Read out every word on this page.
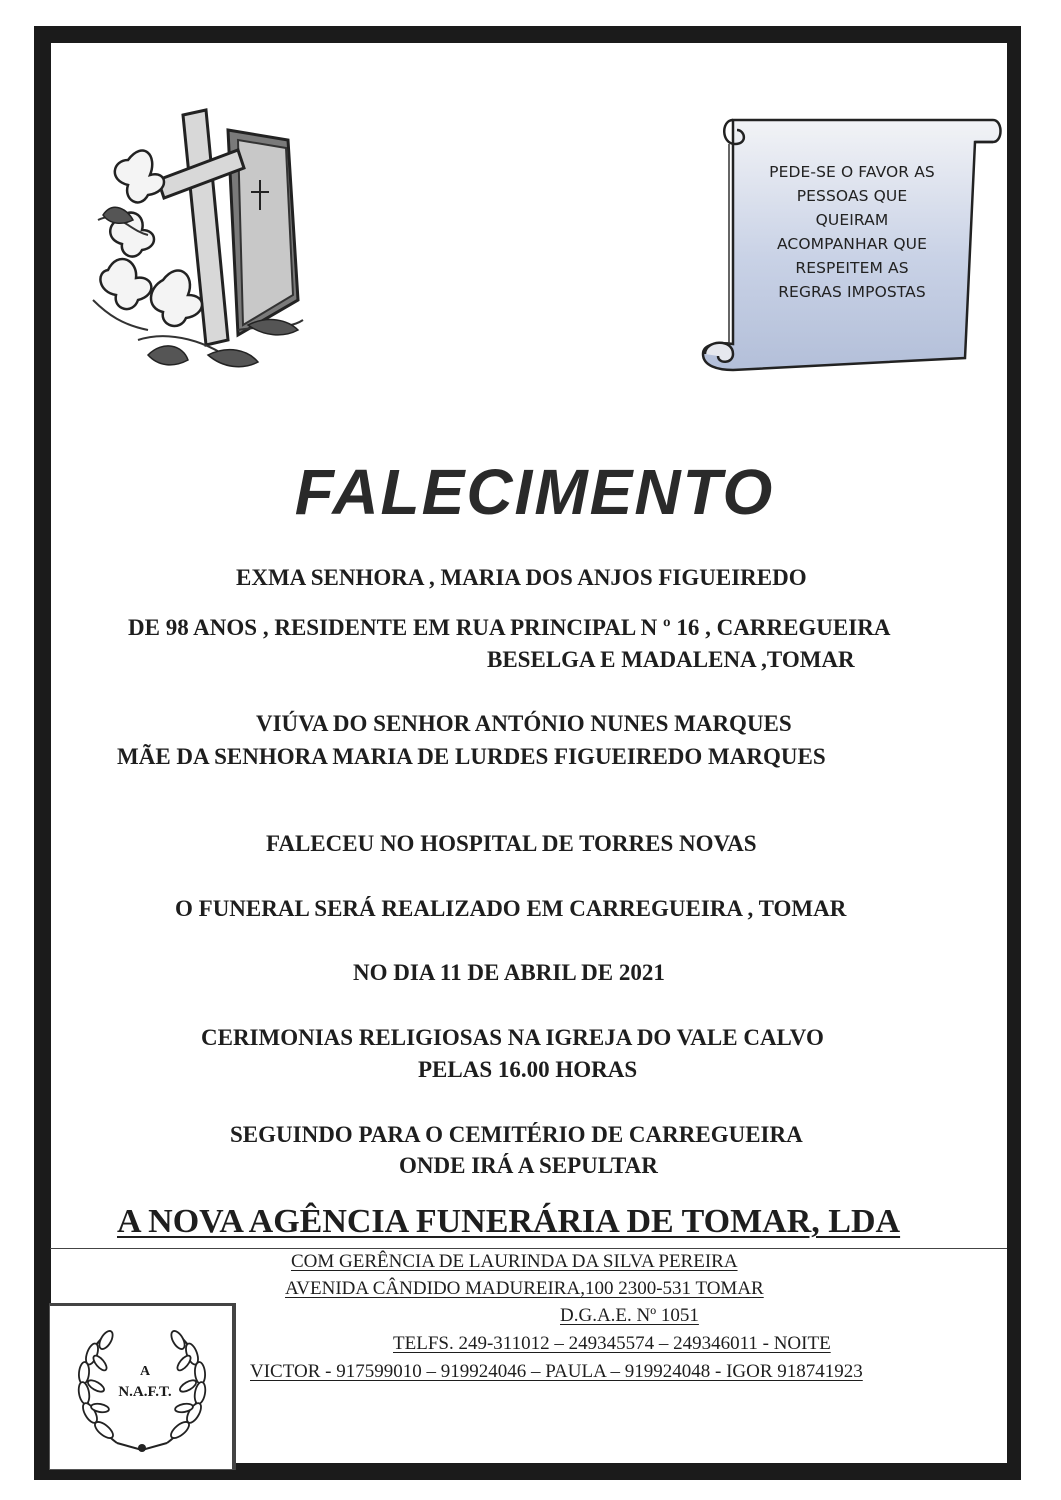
PEDE-SE O FAVOR AS
PESSOAS QUE
QUEIRAM
ACOMPANHAR QUE
RESPEITEM AS
REGRAS IMPOSTAS
FALECIMENTO
EXMA SENHORA , MARIA DOS ANJOS FIGUEIREDO
DE 98 ANOS , RESIDENTE EM RUA PRINCIPAL N º 16 , CARREGUEIRA
BESELGA E MADALENA ,TOMAR
VIÚVA DO SENHOR ANTÓNIO NUNES MARQUES
MÃE DA SENHORA MARIA DE LURDES FIGUEIREDO MARQUES
FALECEU NO HOSPITAL DE TORRES NOVAS
O FUNERAL SERÁ REALIZADO EM CARREGUEIRA , TOMAR
NO DIA 11 DE ABRIL DE 2021
CERIMONIAS RELIGIOSAS NA IGREJA DO VALE CALVO
PELAS 16.00 HORAS
SEGUINDO PARA O CEMITÉRIO DE CARREGUEIRA
ONDE IRÁ A SEPULTAR
A NOVA AGÊNCIA FUNERÁRIA DE TOMAR, LDA
COM GERÊNCIA DE LAURINDA DA SILVA PEREIRA
AVENIDA CÂNDIDO MADUREIRA,100 2300-531 TOMAR
D.G.A.E. Nº 1051
TELFS. 249-311012 – 249345574 – 249346011 - NOITE
VICTOR - 917599010 – 919924046 – PAULA – 919924048 - IGOR 918741923
A
N.A.F.T.
